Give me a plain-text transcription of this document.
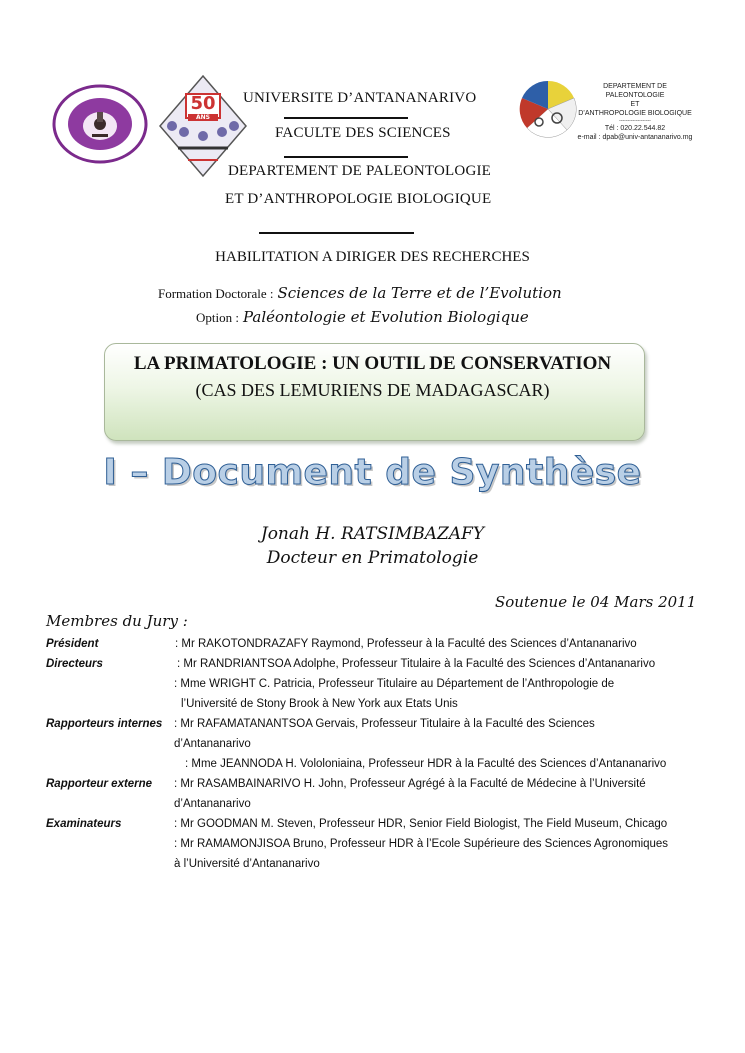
50
ANS
UNIVERSITE D’ANTANANARIVO
FACULTE DES SCIENCES
DEPARTEMENT DE PALEONTOLOGIE
ET D’ANTHROPOLOGIE BIOLOGIQUE
DEPARTEMENT DE
PALEONTOLOGIE
ET
D’ANTHROPOLOGIE BIOLOGIQUE
-------------------
Tél : 020.22.544.82
e-mail : dpab@univ-antananarivo.mg
HABILITATION A DIRIGER DES RECHERCHES
Formation Doctorale : Sciences de la Terre et de l’Evolution
Option : Paléontologie et Evolution Biologique
LA PRIMATOLOGIE : UN OUTIL DE CONSERVATION
(CAS DES LEMURIENS DE MADAGASCAR)
I – Document de Synthèse
Jonah H. RATSIMBAZAFY
Docteur en Primatologie
Soutenue le 04 Mars 2011
Membres du Jury :
Président	: Mr RAKOTONDRAZAFY Raymond, Professeur à la Faculté des Sciences d’Antananarivo
Directeurs	: Mr RANDRIANTSOA Adolphe, Professeur Titulaire à la Faculté des Sciences d’Antananarivo
: Mme WRIGHT C. Patricia, Professeur Titulaire au Département de l’Anthropologie de
l’Université de Stony Brook à New York aux Etats Unis
Rapporteurs internes : Mr RAFAMATANANTSOA Gervais, Professeur Titulaire à la Faculté des Sciences
d’Antananarivo
: Mme JEANNODA H. Vololoniaina, Professeur HDR à la Faculté des Sciences d’Antananarivo
Rapporteur externe : Mr RASAMBAINARIVO H. John, Professeur Agrégé à la Faculté de Médecine à l’Université
d’Antananarivo
Examinateurs	: Mr GOODMAN M. Steven, Professeur HDR, Senior Field Biologist, The Field Museum, Chicago
: Mr RAMAMONJISOA Bruno, Professeur HDR à l’Ecole Supérieure des Sciences Agronomiques
à l’Université d’Antananarivo
